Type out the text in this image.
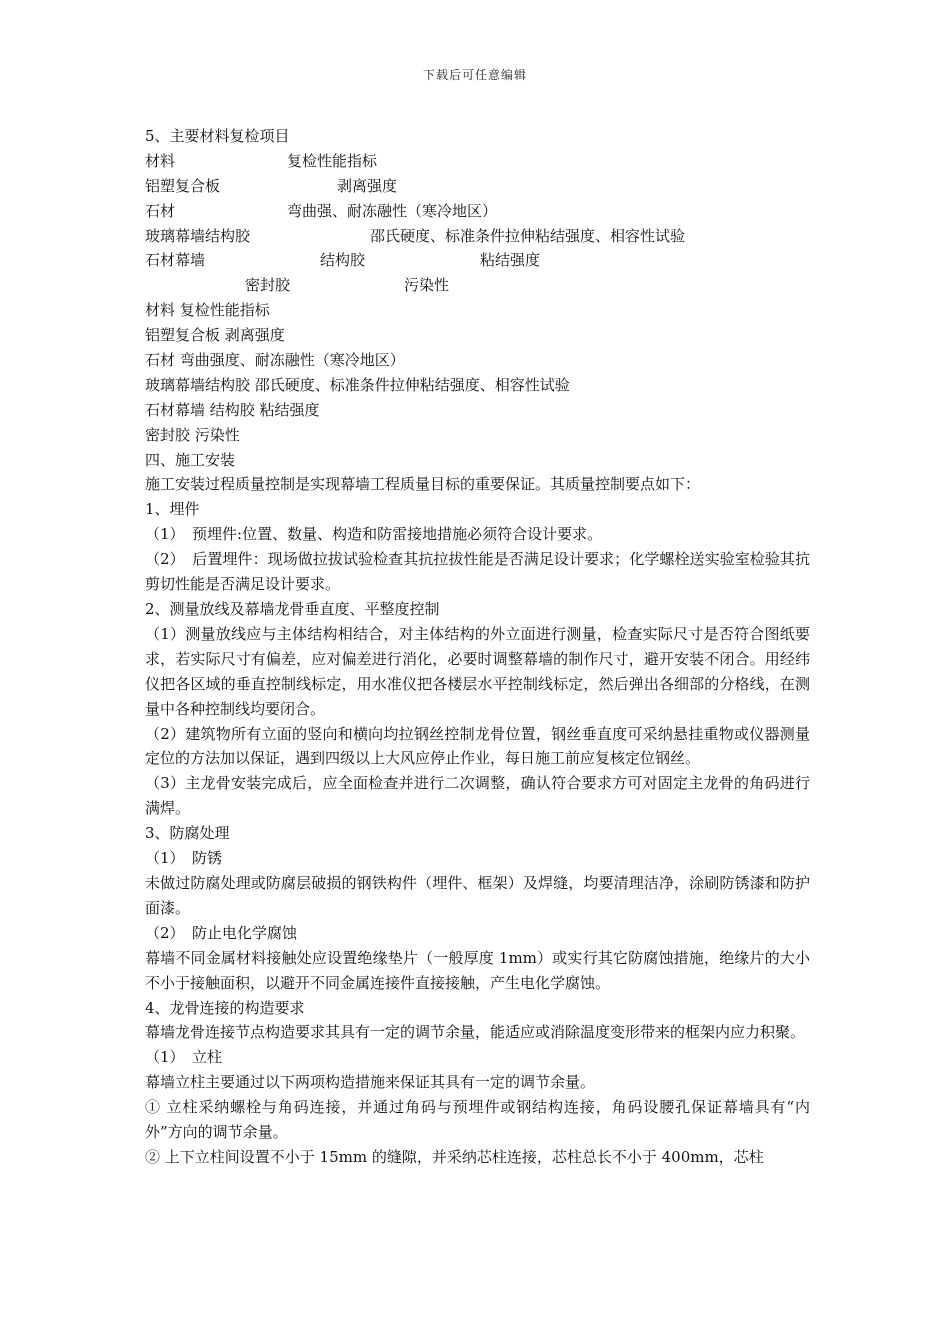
下载后可任意编辑
5、主要材料复检项目
材料	复检性能指标
铝塑复合板	剥离强度
石材	弯曲强、耐冻融性（寒冷地区）
玻璃幕墙结构胶	邵氏硬度、标准条件拉伸粘结强度、相容性试验
石材幕墙	结构胶	粘结强度
密封胶	污染性
材料 复检性能指标
铝塑复合板 剥离强度
石材 弯曲强度、耐冻融性（寒冷地区）
玻璃幕墙结构胶 邵氏硬度、标准条件拉伸粘结强度、相容性试验
石材幕墙 结构胶 粘结强度
密封胶 污染性
四、施工安装
施工安装过程质量控制是实现幕墙工程质量目标的重要保证。其质量控制要点如下：
1、埋件
（1）　预埋件:位置、数量、构造和防雷接地措施必须符合设计要求。
（2）　后置埋件：现场做拉拔试验检查其抗拉拔性能是否满足设计要求；化学螺栓送实验室检验其抗剪切性能是否满足设计要求。
2、测量放线及幕墙龙骨垂直度、平整度控制
（1）测量放线应与主体结构相结合，对主体结构的外立面进行测量，检查实际尺寸是否符合图纸要求，若实际尺寸有偏差，应对偏差进行消化，必要时调整幕墙的制作尺寸，避开安装不闭合。用经纬仪把各区域的垂直控制线标定，用水准仪把各楼层水平控制线标定，然后弹出各细部的分格线，在测量中各种控制线均要闭合。
（2）建筑物所有立面的竖向和横向均拉钢丝控制龙骨位置，钢丝垂直度可采纳悬挂重物或仪器测量定位的方法加以保证，遇到四级以上大风应停止作业，每日施工前应复核定位钢丝。
（3）主龙骨安装完成后，应全面检查并进行二次调整，确认符合要求方可对固定主龙骨的角码进行满焊。
3、防腐处理
（1）　防锈
未做过防腐处理或防腐层破损的钢铁构件（埋件、框架）及焊缝，均要清理洁净，涂刷防锈漆和防护面漆。
（2）　防止电化学腐蚀
幕墙不同金属材料接触处应设置绝缘垫片（一般厚度 1mm）或实行其它防腐蚀措施，绝缘片的大小不小于接触面积，以避开不同金属连接件直接接触，产生电化学腐蚀。
4、龙骨连接的构造要求
幕墙龙骨连接节点构造要求其具有一定的调节余量，能适应或消除温度变形带来的框架内应力积聚。
（1）　立柱
幕墙立柱主要通过以下两项构造措施来保证其具有一定的调节余量。
① 立柱采纳螺栓与角码连接，并通过角码与预埋件或钢结构连接，角码设腰孔保证幕墙具有“内外”方向的调节余量。
② 上下立柱间设置不小于 15mm 的缝隙，并采纳芯柱连接，芯柱总长不小于 400mm，芯柱
